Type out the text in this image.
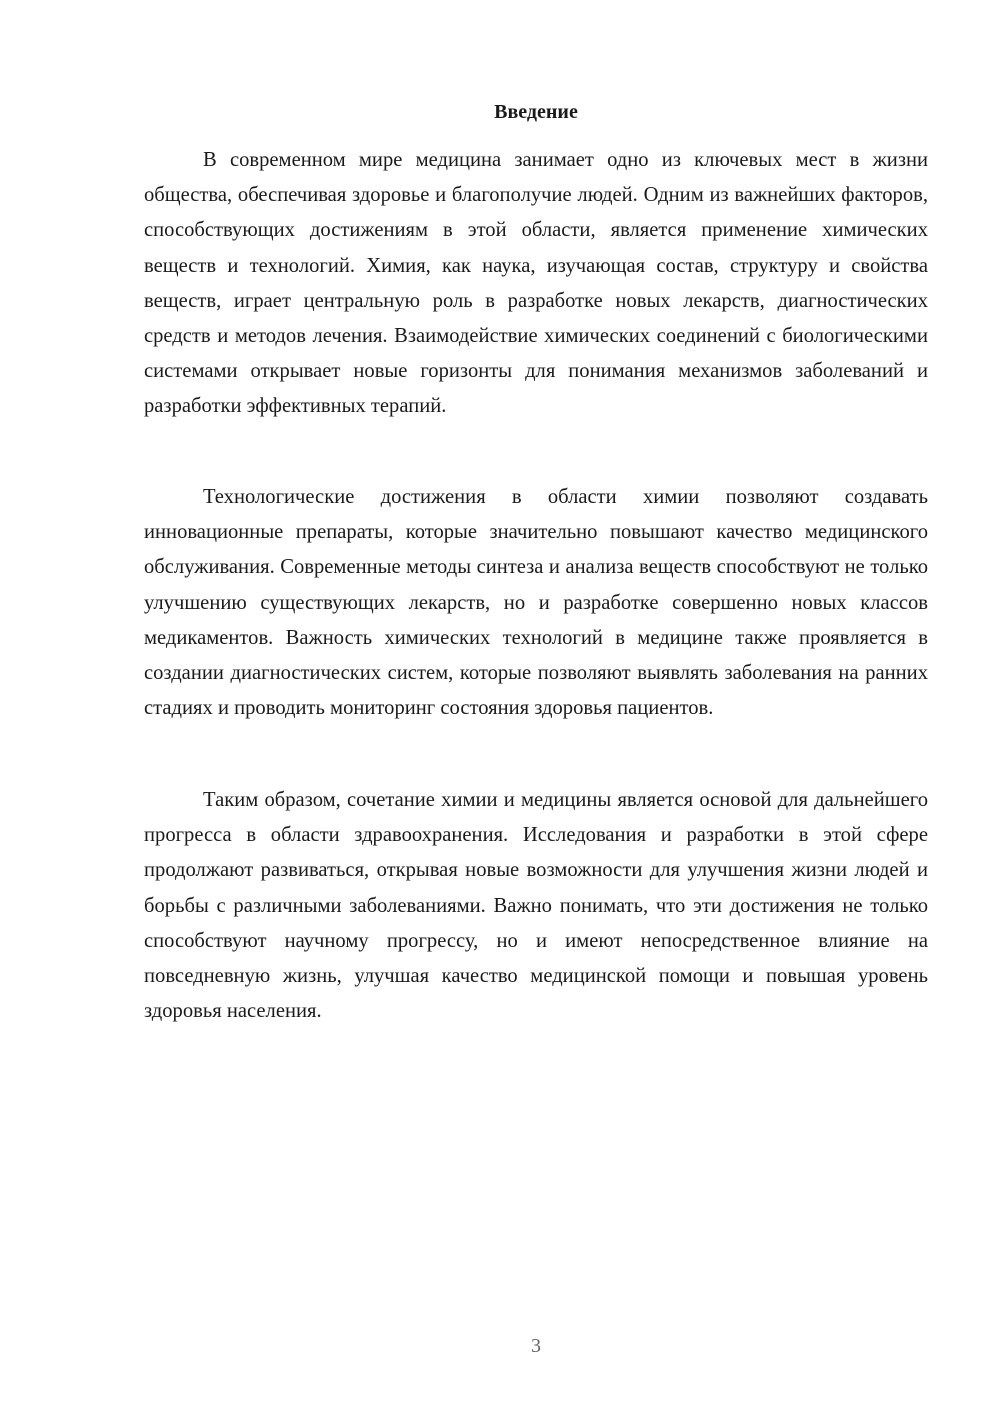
Введение

В современном мире медицина занимает одно из ключевых мест в жизни общества, обеспечивая здоровье и благополучие людей. Одним из важнейших факторов, способствующих достижениям в этой области, является применение химических веществ и технологий. Химия, как наука, изучающая состав, структуру и свойства веществ, играет центральную роль в разработке новых лекарств, диагностических средств и методов лечения. Взаимодействие химических соединений с биологическими системами открывает новые горизонты для понимания механизмов заболеваний и разработки эффективных терапий.

Технологические достижения в области химии позволяют создавать инновационные препараты, которые значительно повышают качество медицинского обслуживания. Современные методы синтеза и анализа веществ способствуют не только улучшению существующих лекарств, но и разработке совершенно новых классов медикаментов. Важность химических технологий в медицине также проявляется в создании диагностических систем, которые позволяют выявлять заболевания на ранних стадиях и проводить мониторинг состояния здоровья пациентов.

Таким образом, сочетание химии и медицины является основой для дальнейшего прогресса в области здравоохранения. Исследования и разработки в этой сфере продолжают развиваться, открывая новые возможности для улучшения жизни людей и борьбы с различными заболеваниями. Важно понимать, что эти достижения не только способствуют научному прогрессу, но и имеют непосредственное влияние на повседневную жизнь, улучшая качество медицинской помощи и повышая уровень здоровья населения.

3
